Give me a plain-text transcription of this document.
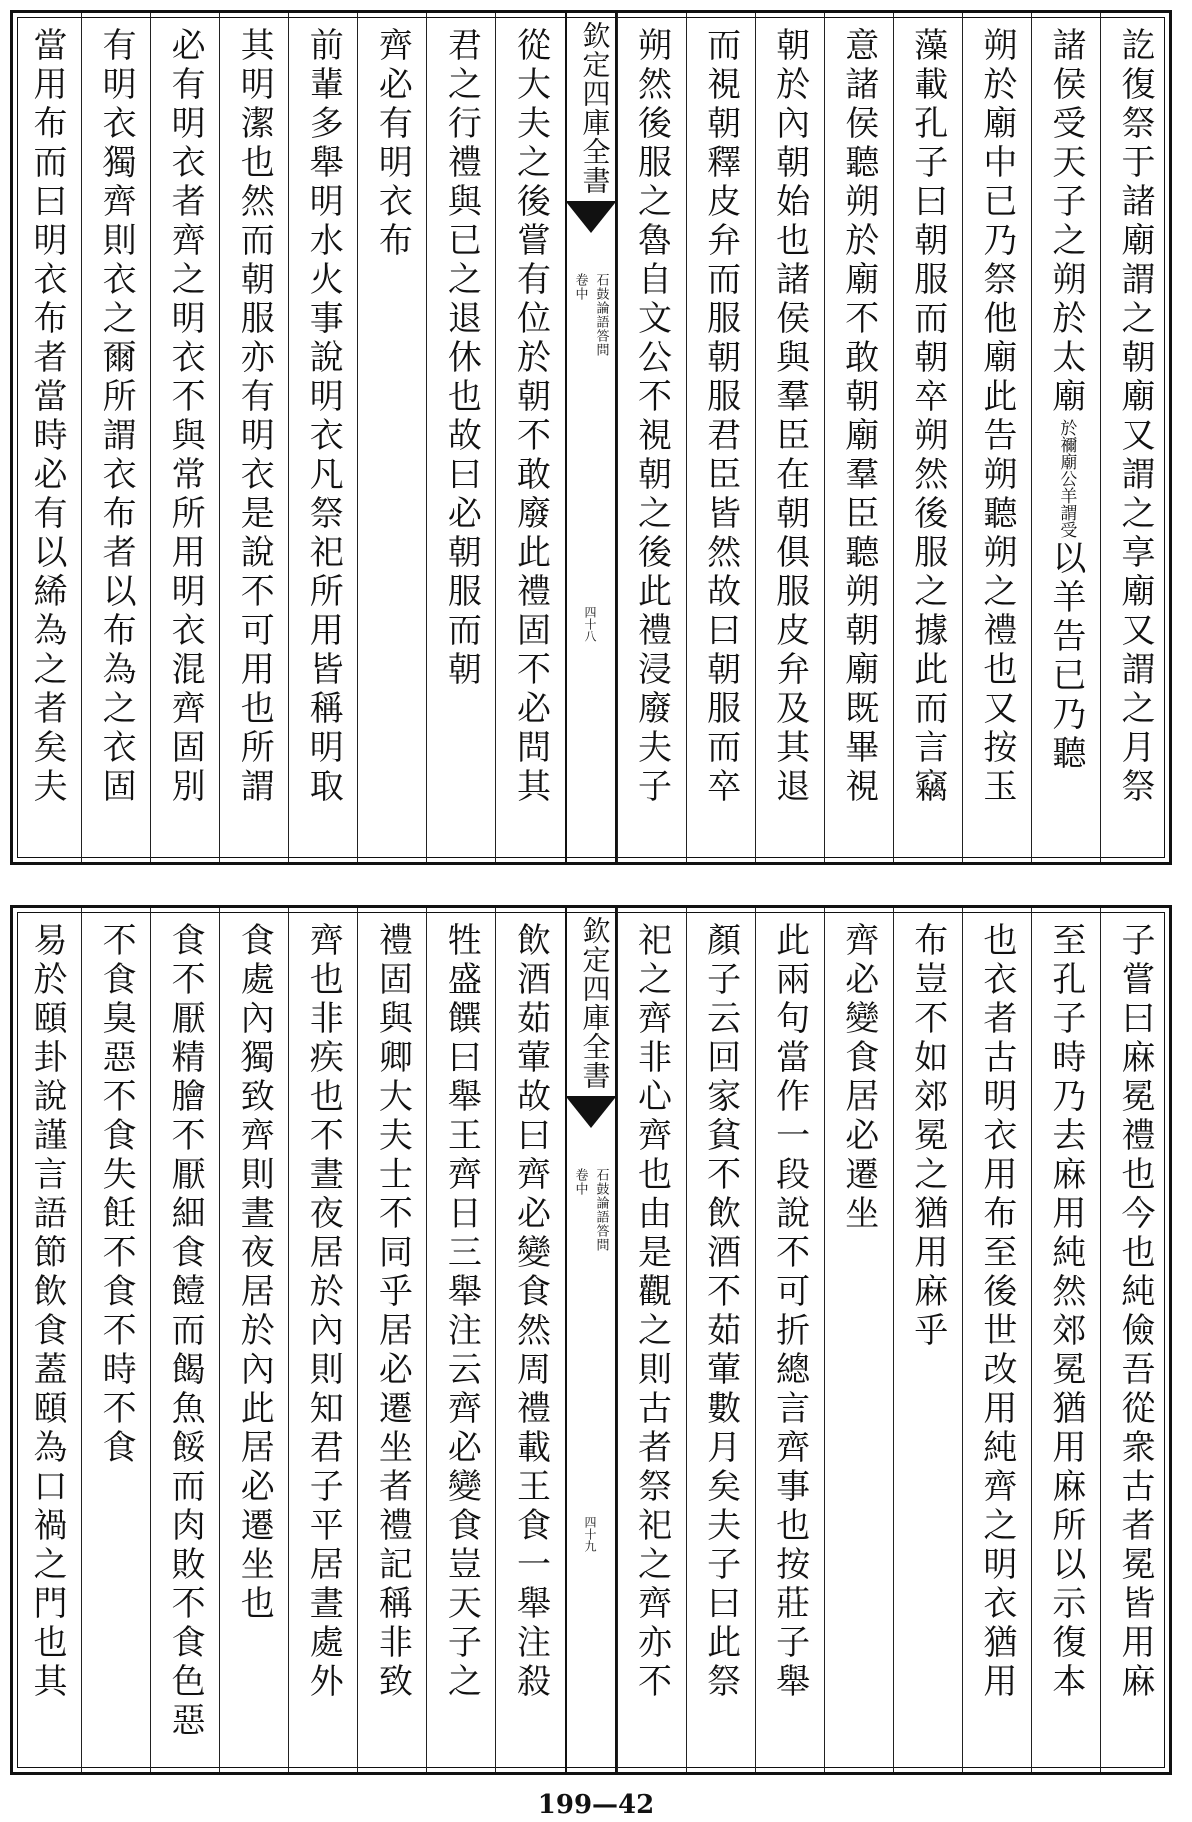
訖復祭于諸廟謂之朝廟又謂之享廟又謂之月祭
諸侯受天子之朔於太廟
公羊謂受
於禰廟
以羊告已乃聽
朔於廟中已乃祭他廟此告朔聽朔之禮也又按玉
藻載孔子曰朝服而朝卒朔然後服之據此而言竊
意諸侯聽朔於廟不敢朝廟羣臣聽朔朝廟既畢視
朝於內朝始也諸侯與羣臣在朝俱服皮弁及其退
而視朝釋皮弁而服朝服君臣皆然故曰朝服而卒
朔然後服之魯自文公不視朝之後此禮浸廢夫子
欽定四庫全書
石鼓論語答問
卷中
四十八
從大夫之後嘗有位於朝不敢廢此禮固不必問其
君之行禮與已之退休也故曰必朝服而朝
齊必有明衣布
前輩多舉明水火事說明衣凡祭祀所用皆稱明取
其明潔也然而朝服亦有明衣是說不可用也所謂
必有明衣者齊之明衣不與常所用明衣混齊固別
有明衣獨齊則衣之爾所謂衣布者以布為之衣固
當用布而曰明衣布者當時必有以絺為之者矣夫
子嘗曰麻冕禮也今也純儉吾從衆古者冕皆用麻
至孔子時乃去麻用純然郊冕猶用麻所以示復本
也衣者古明衣用布至後世改用純齊之明衣猶用
布豈不如郊冕之猶用麻乎
齊必變食居必遷坐
此兩句當作一段說不可折總言齊事也按莊子舉
顏子云回家貧不飲酒不茹葷數月矣夫子曰此祭
祀之齊非心齊也由是觀之則古者祭祀之齊亦不
欽定四庫全書
石鼓論語答問
卷中
四十九
飲酒茹葷故曰齊必變食然周禮載王食一舉注殺
牲盛饌曰舉王齊日三舉注云齊必變食豈天子之
禮固與卿大夫士不同乎居必遷坐者禮記稱非致
齊也非疾也不晝夜居於內則知君子平居晝處外
食處內獨致齊則晝夜居於內此居必遷坐也
食不厭精膾不厭細食饐而餲魚餒而肉敗不食色惡
不食臭惡不食失飪不食不時不食
易於頤卦說謹言語節飲食蓋頤為口禍之門也其
199—42
